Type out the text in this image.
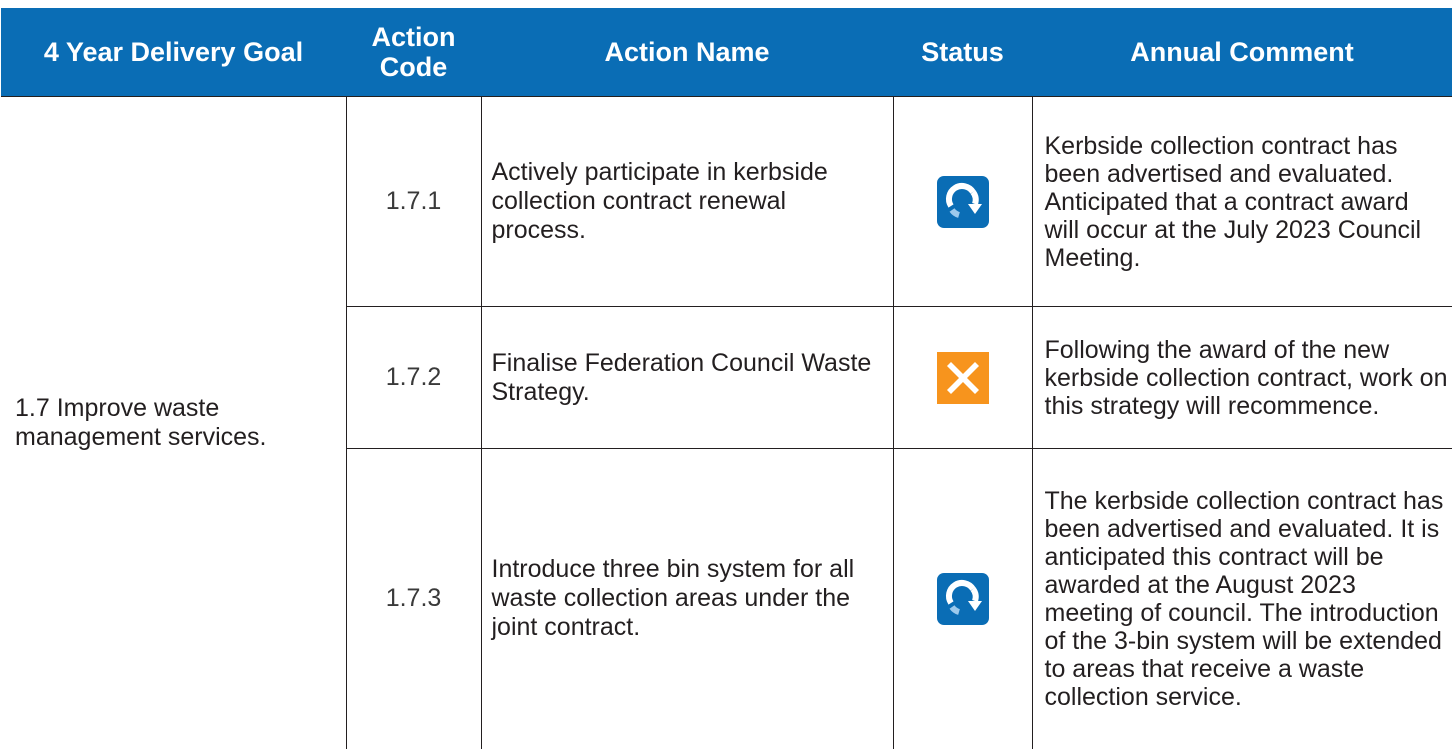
4 Year Delivery Goal	Action Code	Action Name	Status	Annual Comment
1.7 Improve waste management services.	1.7.1	Actively participate in kerbside collection contract renewal process.		Kerbside collection contract has been advertised and evaluated. Anticipated that a contract award will occur at the July 2023 Council Meeting.
	1.7.2	Finalise Federation Council Waste Strategy.		Following the award of the new kerbside collection contract, work on this strategy will recommence.
	1.7.3	Introduce three bin system for all waste collection areas under the joint contract.		The kerbside collection contract has been advertised and evaluated. It is anticipated this contract will be awarded at the August 2023 meeting of council. The introduction of the 3-bin system will be extended to areas that receive a waste collection service.
